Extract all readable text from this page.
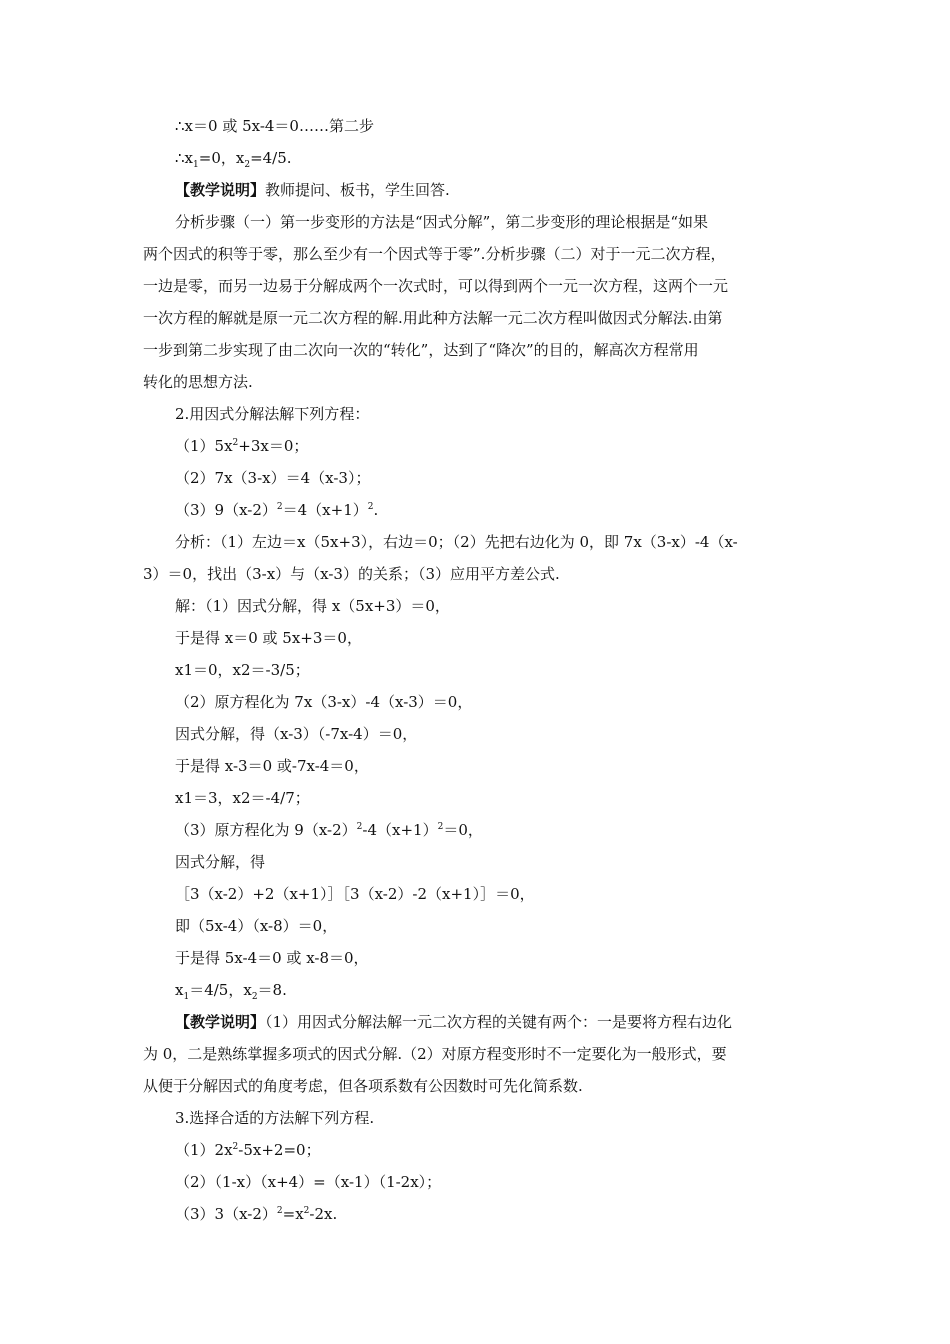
∴x＝0 或 5x-4＝0……第二步
$\therefore x_1=0$，$x_2=4/5$.
【教学说明】教师提问、板书，学生回答.
分析步骤（一）第一步变形的方法是“因式分解”，第二步变形的理论根据是“如果
两个因式的积等于零，那么至少有一个因式等于零”.分析步骤（二）对于一元二次方程，
一边是零，而另一边易于分解成两个一次式时，可以得到两个一元一次方程，这两个一元
一次方程的解就是原一元二次方程的解.用此种方法解一元二次方程叫做因式分解法.由第
一步到第二步实现了由二次向一次的“转化”，达到了“降次”的目的，解高次方程常用
转化的思想方法.
2.用因式分解法解下列方程：
$(1)5x^2+3x=0$；
（2）7x（3-x）＝4（x-3）；
$(3)9(x-2)^2=4(x+1)^2$.
分析：（1）左边＝x（5x+3），右边＝0；（2）先把右边化为 0，即 7x（3-x）-4（x-
3）＝0，找出（3-x）与（x-3）的关系；（3）应用平方差公式.
解：（1）因式分解，得 x（5x+3）＝0，
于是得 x＝0 或 5x+3＝0，
x1＝0，x2＝-3/5；
（2）原方程化为 7x（3-x）-4（x-3）＝0，
因式分解，得（x-3）（-7x-4）＝0，
于是得 x-3＝0 或-7x-4＝0，
x1＝3，x2＝-4/7；
（3）原方程化为 $9(x-2)^2-4(x+1)^2=0$，
因式分解，得
［3（x-2）+2（x+1）］［3（x-2）-2（x+1）］＝0，
即（5x-4）（x-8）＝0，
于是得 5x-4＝0 或 x-8＝0，
$x_1=4/5$，$x_2=8$.
【教学说明】（1）用因式分解法解一元二次方程的关键有两个：一是要将方程右边化
为 0，二是熟练掌握多项式的因式分解.（2）对原方程变形时不一定要化为一般形式，要
从便于分解因式的角度考虑，但各项系数有公因数时可先化简系数.
3.选择合适的方法解下列方程.
$(1)2x^2-5x+2=0$；
（2）（1-x）（x+4）=（x-1）（1-2x）；
$(3)3(x-2)^2=x^2-2x$.
